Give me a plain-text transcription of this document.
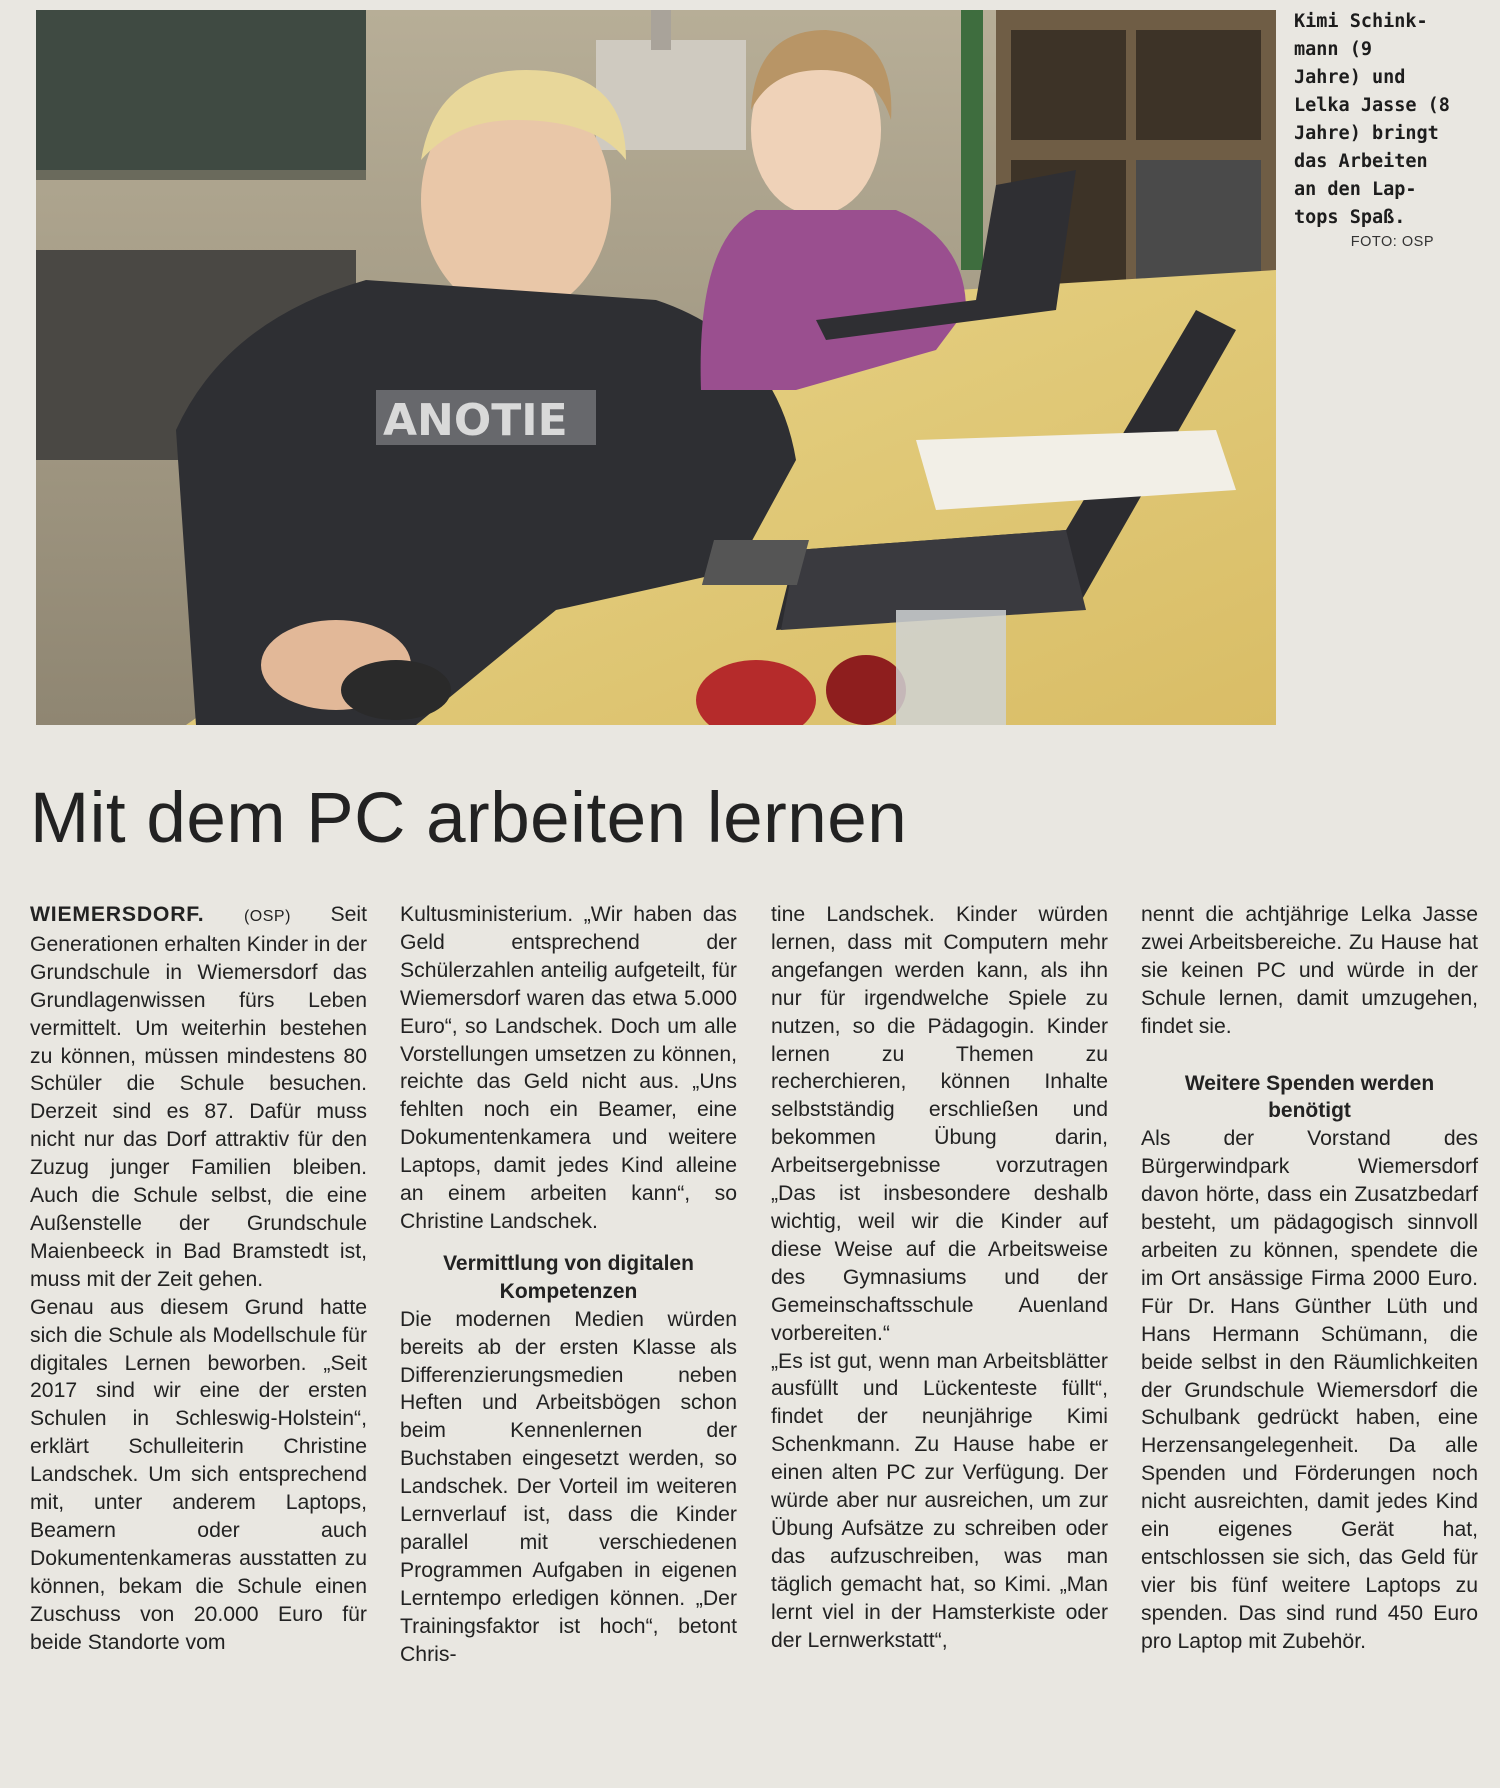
ANOTIE
Kimi Schink-
mann (9
Jahre) und
Lelka Jasse (8
Jahre) bringt
das Arbeiten
an den Lap-
tops Spaß.
FOTO: OSP
Mit dem PC arbeiten lernen

WIEMERSDORF. (OSP) Seit Generationen erhalten Kinder in der Grundschule in Wiemersdorf das Grundlagenwissen fürs Leben vermittelt. Um weiterhin bestehen zu können, müssen mindestens 80 Schüler die Schule besuchen. Derzeit sind es 87. Dafür muss nicht nur das Dorf attraktiv für den Zuzug junger Familien bleiben. Auch die Schule selbst, die eine Außenstelle der Grundschule Maienbeeck in Bad Bramstedt ist, muss mit der Zeit gehen.

Genau aus diesem Grund hatte sich die Schule als Modellschule für digitales Lernen beworben. „Seit 2017 sind wir eine der ersten Schulen in Schleswig-Holstein“, erklärt Schulleiterin Christine Landschek. Um sich entsprechend mit, unter anderem Laptops, Beamern oder auch Dokumentenkameras ausstatten zu können, bekam die Schule einen Zuschuss von 20.000 Euro für beide Standorte vom

Kultusministerium. „Wir haben das Geld entsprechend der Schülerzahlen anteilig aufgeteilt, für Wiemersdorf waren das etwa 5.000 Euro“, so Landschek. Doch um alle Vorstellungen umsetzen zu können, reichte das Geld nicht aus. „Uns fehlten noch ein Beamer, eine Dokumentenkamera und weitere Laptops, damit jedes Kind alleine an einem arbeiten kann“, so Christine Landschek.

Vermittlung von digitalen Kompetenzen

Die modernen Medien würden bereits ab der ersten Klasse als Differenzierungsmedien neben Heften und Arbeitsbögen schon beim Kennenlernen der Buchstaben eingesetzt werden, so Landschek. Der Vorteil im weiteren Lernverlauf ist, dass die Kinder parallel mit verschiedenen Programmen Aufgaben in eigenen Lerntempo erledigen können. „Der Trainingsfaktor ist hoch“, betont Chris-

tine Landschek. Kinder würden lernen, dass mit Computern mehr angefangen werden kann, als ihn nur für irgendwelche Spiele zu nutzen, so die Pädagogin. Kinder lernen zu Themen zu recherchieren, können Inhalte selbstständig erschließen und bekommen Übung darin, Arbeitsergebnisse vorzutragen „Das ist insbesondere deshalb wichtig, weil wir die Kinder auf diese Weise auf die Arbeitsweise des Gymnasiums und der Gemeinschaftsschule Auenland vorbereiten.“

„Es ist gut, wenn man Arbeitsblätter ausfüllt und Lückenteste füllt“, findet der neunjährige Kimi Schenkmann. Zu Hause habe er einen alten PC zur Verfügung. Der würde aber nur ausreichen, um zur Übung Aufsätze zu schreiben oder das aufzuschreiben, was man täglich gemacht hat, so Kimi. „Man lernt viel in der Hamsterkiste oder der Lernwerkstatt“,

nennt die achtjährige Lelka Jasse zwei Arbeitsbereiche. Zu Hause hat sie keinen PC und würde in der Schule lernen, damit umzugehen, findet sie.

Weitere Spenden werden benötigt

Als der Vorstand des Bürgerwindpark Wiemersdorf davon hörte, dass ein Zusatzbedarf besteht, um pädagogisch sinnvoll arbeiten zu können, spendete die im Ort ansässige Firma 2000 Euro. Für Dr. Hans Günther Lüth und Hans Hermann Schümann, die beide selbst in den Räumlichkeiten der Grundschule Wiemersdorf die Schulbank gedrückt haben, eine Herzensangelegenheit. Da alle Spenden und Förderungen noch nicht ausreichten, damit jedes Kind ein eigenes Gerät hat, entschlossen sie sich, das Geld für vier bis fünf weitere Laptops zu spenden. Das sind rund 450 Euro pro Laptop mit Zubehör.
